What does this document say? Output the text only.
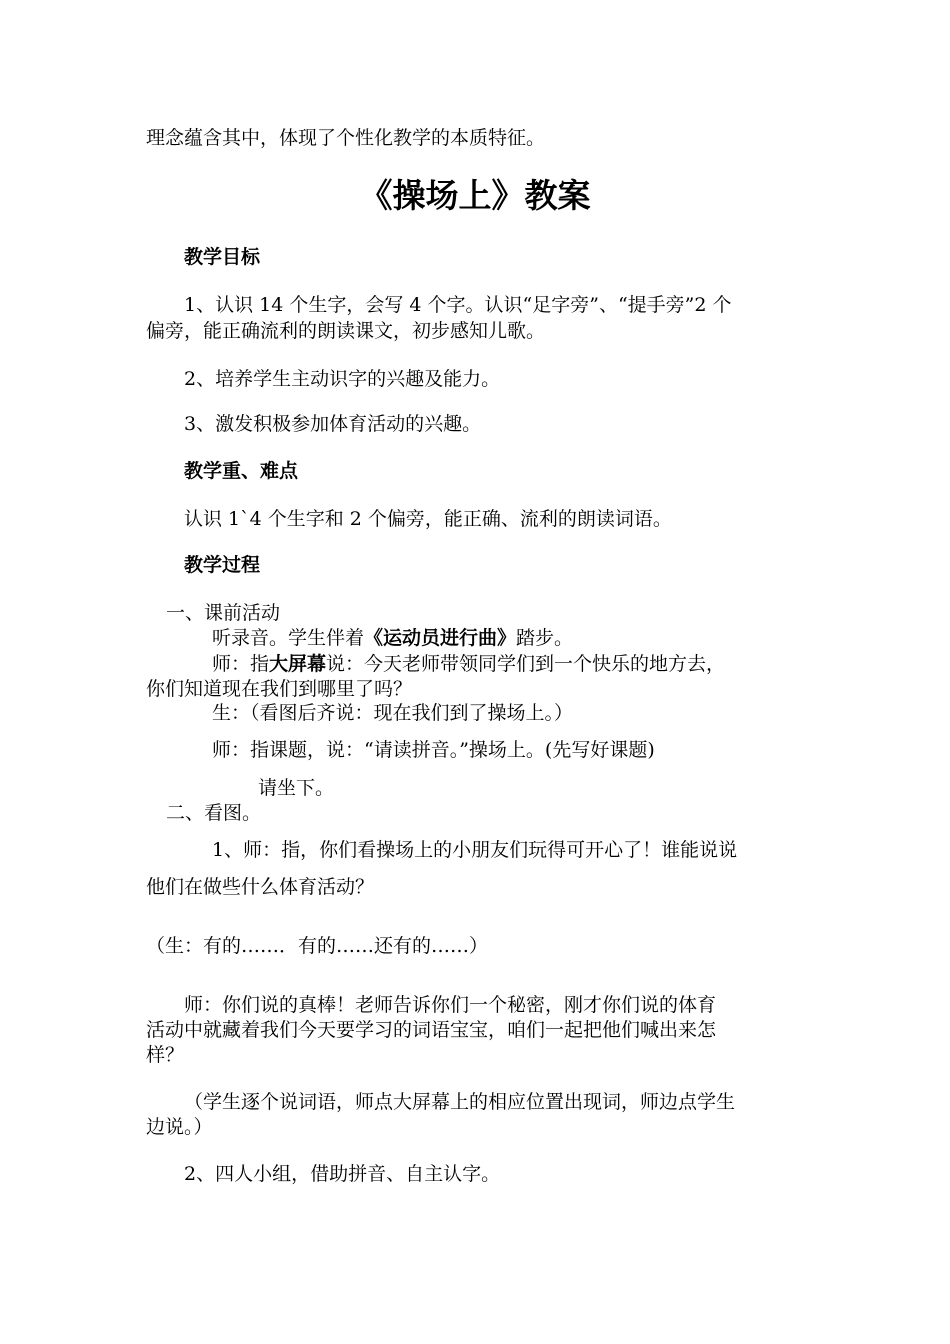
理念蕴含其中，体现了个性化教学的本质特征。
《操场上》教案
教学目标
1、认识 14 个生字，会写 4 个字。认识“足字旁”、“提手旁”2 个
偏旁，能正确流利的朗读课文，初步感知儿歌。
2、培养学生主动识字的兴趣及能力。
3、激发积极参加体育活动的兴趣。
教学重、难点
认识 1`4 个生字和 2 个偏旁，能正确、流利的朗读词语。
教学过程
一、课前活动
听录音。学生伴着《运动员进行曲》踏步。
师：指大屏幕说：今天老师带领同学们到一个快乐的地方去，
你们知道现在我们到哪里了吗？
生：（看图后齐说：现在我们到了操场上。）
师：指课题，说：“请读拼音。”操场上。(先写好课题)
请坐下。
二、看图。
1、师：指，你们看操场上的小朋友们玩得可开心了！谁能说说
他们在做些什么体育活动？
（生：有的……．有的……还有的……）
师：你们说的真棒！老师告诉你们一个秘密，刚才你们说的体育
活动中就藏着我们今天要学习的词语宝宝，咱们一起把他们喊出来怎
样？
（学生逐个说词语，师点大屏幕上的相应位置出现词，师边点学生
边说。）
2、四人小组，借助拼音、自主认字。
